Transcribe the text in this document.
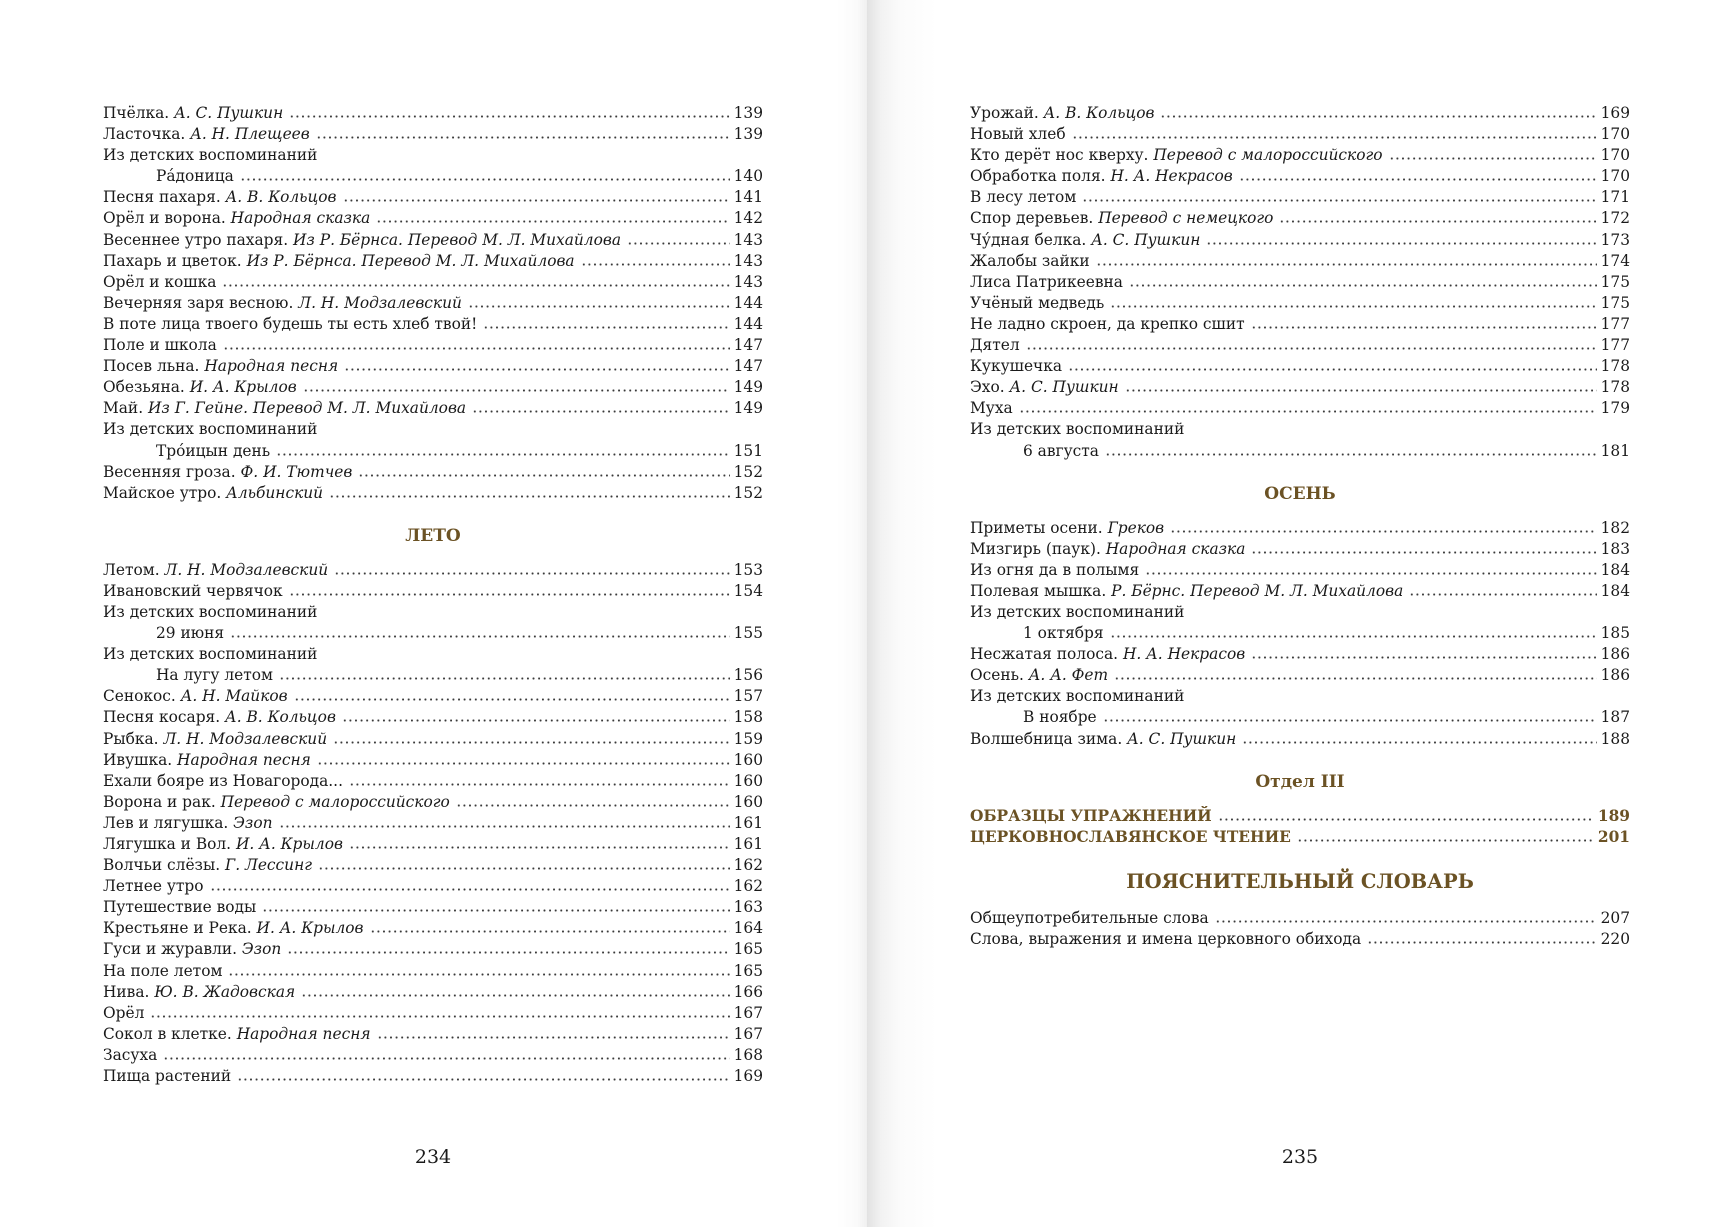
Пчёлка. А. С. Пушкин	139
Ласточка. А. Н. Плещеев	139
Из детских воспоминаний
Ра́доница	140
Песня пахаря. А. В. Кольцов	141
Орёл и ворона. Народная сказка	142
Весеннее утро пахаря. Из Р. Бёрнса. Перевод М. Л. Михайлова	143
Пахарь и цветок. Из Р. Бёрнса. Перевод М. Л. Михайлова	143
Орёл и кошка	143
Вечерняя заря весною. Л. Н. Модзалевский	144
В поте лица твоего будешь ты есть хлеб твой!	144
Поле и школа	147
Посев льна. Народная песня	147
Обезьяна. И. А. Крылов	149
Май. Из Г. Гейне. Перевод М. Л. Михайлова	149
Из детских воспоминаний
Тро́ицын день	151
Весенняя гроза. Ф. И. Тютчев	152
Майское утро. Альбинский	152
ЛЕТО
Летом. Л. Н. Модзалевский	153
Ивановский червячок	154
Из детских воспоминаний
29 июня	155
Из детских воспоминаний
На лугу летом	156
Сенокос. А. Н. Майков	157
Песня косаря. А. В. Кольцов	158
Рыбка. Л. Н. Модзалевский	159
Ивушка. Народная песня	160
Ехали бояре из Новагорода...	160
Ворона и рак. Перевод с малороссийского	160
Лев и лягушка. Эзоп	161
Лягушка и Вол. И. А. Крылов	161
Волчьи слёзы. Г. Лессинг	162
Летнее утро	162
Путешествие воды	163
Крестьяне и Река. И. А. Крылов	164
Гуси и журавли. Эзоп	165
На поле летом	165
Нива. Ю. В. Жадовская	166
Орёл	167
Сокол в клетке. Народная песня	167
Засуха	168
Пища растений	169
234
Урожай. А. В. Кольцов	169
Новый хлеб	170
Кто дерёт нос кверху. Перевод с малороссийского	170
Обработка поля. Н. А. Некрасов	170
В лесу летом	171
Спор деревьев. Перевод с немецкого	172
Чу́дная белка. А. С. Пушкин	173
Жалобы зайки	174
Лиса Патрикеевна	175
Учёный медведь	175
Не ладно скроен, да крепко сшит	177
Дятел	177
Кукушечка	178
Эхо. А. С. Пушкин	178
Муха	179
Из детских воспоминаний
6 августа	181
ОСЕНЬ
Приметы осени. Греков	182
Мизгирь (паук). Народная сказка	183
Из огня да в полымя	184
Полевая мышка. Р. Бёрнс. Перевод М. Л. Михайлова	184
Из детских воспоминаний
1 октября	185
Несжатая полоса. Н. А. Некрасов	186
Осень. А. А. Фет	186
Из детских воспоминаний
В ноябре	187
Волшебница зима. А. С. Пушкин	188
Отдел III
ОБРАЗЦЫ УПРАЖНЕНИЙ	189
ЦЕРКОВНОСЛАВЯНСКОЕ ЧТЕНИЕ	201
ПОЯСНИТЕЛЬНЫЙ СЛОВАРЬ
Общеупотребительные слова	207
Слова, выражения и имена церковного обихода	220
235
